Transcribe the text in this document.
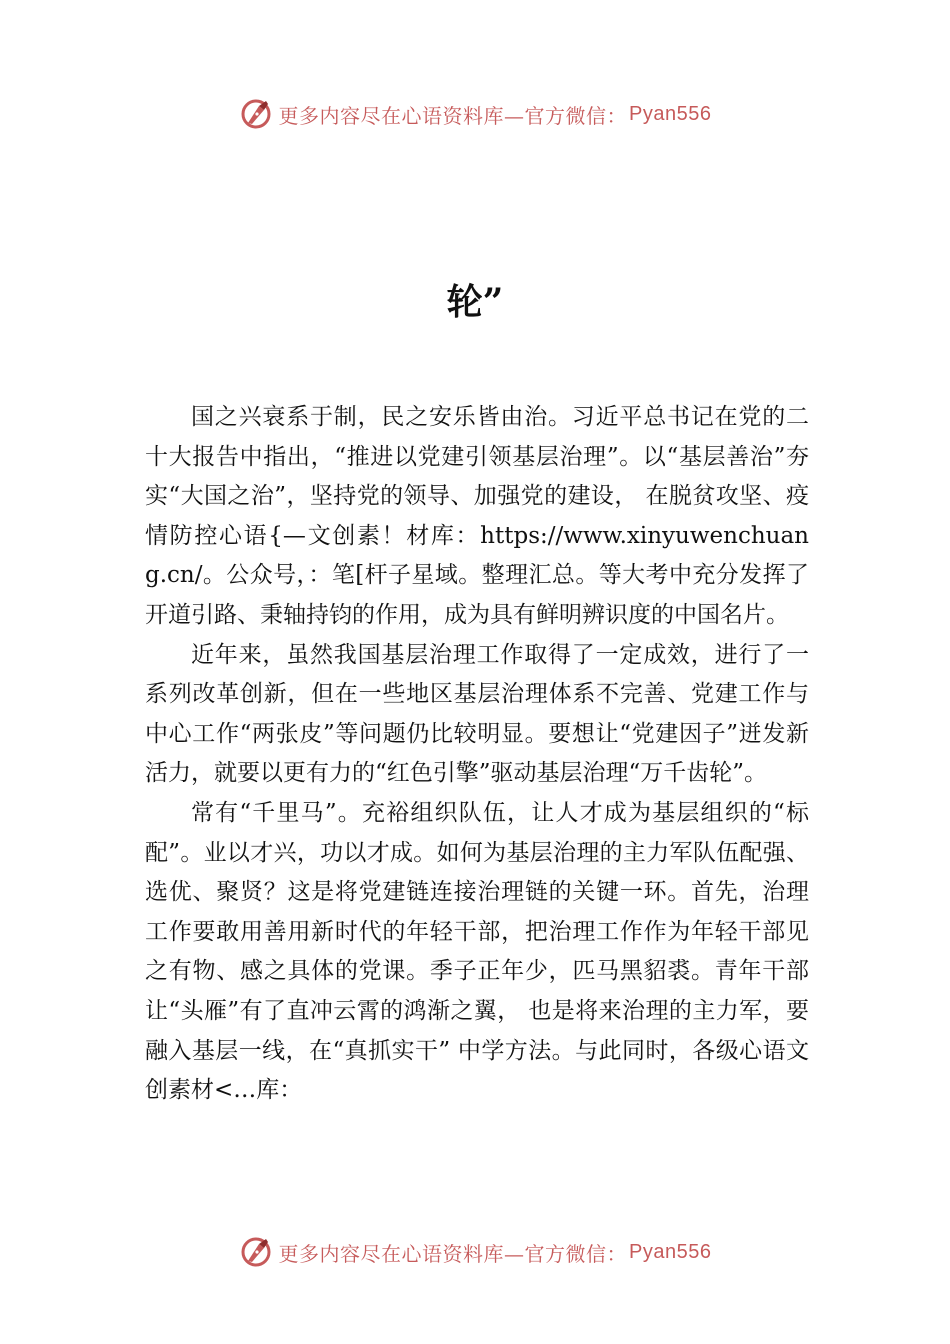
更多内容尽在心语资料库—官方微信： Pyan556
轮”

国之兴衰系于制，民之安乐皆由治。习近平总书记在党的二十大报告中指出，“推进以党建引领基层治理”。以“基层善治”夯实“大国之治”，坚持党的领导、加强党的建设， 在脱贫攻坚、疫情防控心语{—文创素！材库：https://www.xinyuwenchuang.cn/。公众号，：笔[杆子星域。整理汇总。等大考中充分发挥了开道引路、秉轴持钧的作用，成为具有鲜明辨识度的中国名片。

近年来，虽然我国基层治理工作取得了一定成效，进行了一系列改革创新，但在一些地区基层治理体系不完善、党建工作与中心工作“两张皮”等问题仍比较明显。要想让“党建因子”迸发新活力，就要以更有力的“红色引擎”驱动基层治理“万千齿轮”。

常有“千里马”。充裕组织队伍，让人才成为基层组织的“标配”。业以才兴，功以才成。如何为基层治理的主力军队伍配强、选优、聚贤？这是将党建链连接治理链的关键一环。首先，治理工作要敢用善用新时代的年轻干部，把治理工作作为年轻干部见之有物、感之具体的党课。季子正年少，匹马黑貂裘。青年干部让“头雁”有了直冲云霄的鸿渐之翼， 也是将来治理的主力军，要融入基层一线，在“真抓实干” 中学方法。与此同时，各级心语文创素材<…库：

更多内容尽在心语资料库—官方微信： Pyan556
